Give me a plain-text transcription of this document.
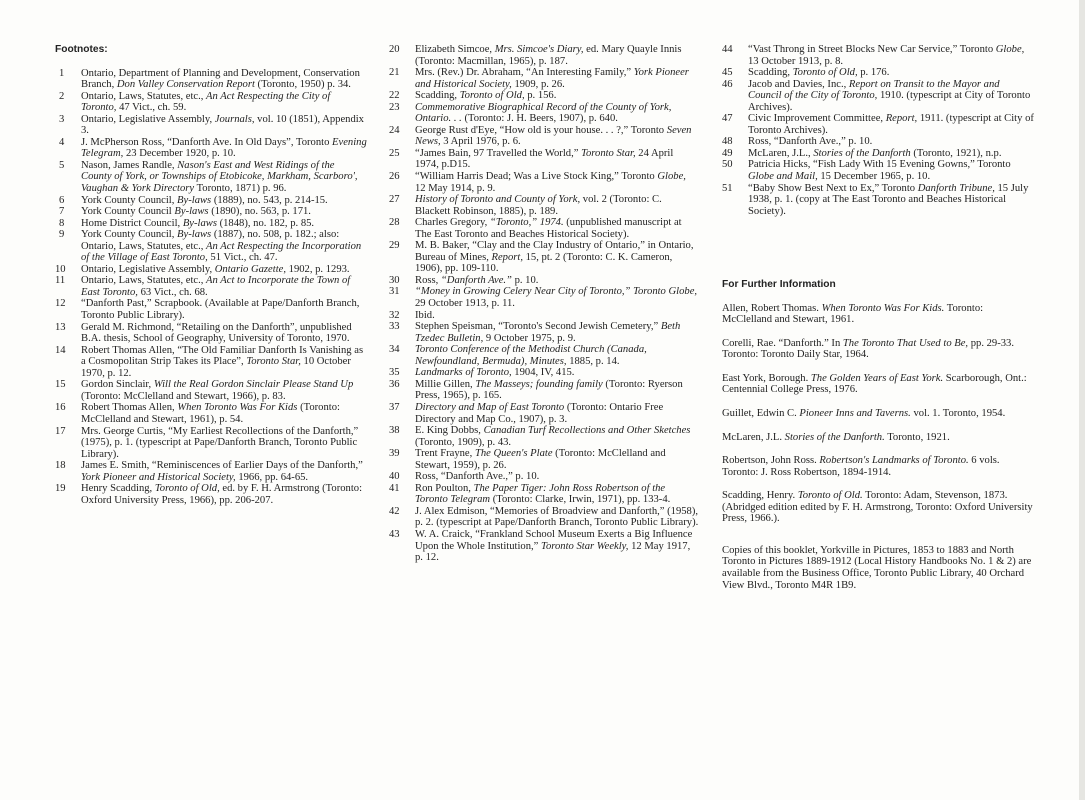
Footnotes:
1	Ontario, Department of Planning and Development, Conservation Branch, Don Valley Conservation Report (Toronto, 1950) p. 34.
2	Ontario, Laws, Statutes, etc., An Act Respecting the City of Toronto, 47 Vict., ch. 59.
3	Ontario, Legislative Assembly, Journals, vol. 10 (1851), Appendix 3.
4	J. McPherson Ross, “Danforth Ave. In Old Days”, Toronto Evening Telegram, 23 December 1920, p. 10.
5	Nason, James Randle, Nason's East and West Ridings of the County of York, or Townships of Etobicoke, Markham, Scarboro', Vaughan & York Directory Toronto, 1871) p. 96.
6	York County Council, By-laws (1889), no. 543, p. 214-15.
7	York County Council By-laws (1890), no. 563, p. 171.
8	Home District Council, By-laws (1848), no. 182, p. 85.
9	York County Council, By-laws (1887), no. 508, p. 182.; also: Ontario, Laws, Statutes, etc., An Act Respecting the Incorporation of the Village of East Toronto, 51 Vict., ch. 47.
10	Ontario, Legislative Assembly, Ontario Gazette, 1902, p. 1293.
11	Ontario, Laws, Statutes, etc., An Act to Incorporate the Town of East Toronto, 63 Vict., ch. 68.
12	“Danforth Past,” Scrapbook. (Available at Pape/Danforth Branch, Toronto Public Library).
13	Gerald M. Richmond, “Retailing on the Danforth”, unpublished B.A. thesis, School of Geography, University of Toronto, 1970.
14	Robert Thomas Allen, “The Old Familiar Danforth Is Vanishing as a Cosmopolitan Strip Takes its Place”, Toronto Star, 10 October 1970, p. 12.
15	Gordon Sinclair, Will the Real Gordon Sinclair Please Stand Up (Toronto: McClelland and Stewart, 1966), p. 83.
16	Robert Thomas Allen, When Toronto Was For Kids (Toronto: McClelland and Stewart, 1961), p. 54.
17	Mrs. George Curtis, “My Earliest Recollections of the Danforth,” (1975), p. 1. (typescript at Pape/Danforth Branch, Toronto Public Library).
18	James E. Smith, “Reminiscences of Earlier Days of the Danforth,” York Pioneer and Historical Society, 1966, pp. 64-65.
19	Henry Scadding, Toronto of Old, ed. by F. H. Armstrong (Toronto: Oxford University Press, 1966), pp. 206-207.
20	Elizabeth Simcoe, Mrs. Simcoe's Diary, ed. Mary Quayle Innis (Toronto: Macmillan, 1965), p. 187.
21	Mrs. (Rev.) Dr. Abraham, “An Interesting Family,” York Pioneer and Historical Society, 1909, p. 26.
22	Scadding, Toronto of Old, p. 156.
23	Commemorative Biographical Record of the County of York, Ontario. . . (Toronto: J. H. Beers, 1907), p. 640.
24	George Rust d'Eye, “How old is your house. . . ?,” Toronto Seven News, 3 April 1976, p. 6.
25	“James Bain, 97 Travelled the World,” Toronto Star, 24 April 1974, p.D15.
26	“William Harris Dead; Was a Live Stock King,” Toronto Globe, 12 May 1914, p. 9.
27	History of Toronto and County of York, vol. 2 (Toronto: C. Blackett Robinson, 1885), p. 189.
28	Charles Gregory, “Toronto,” 1974. (unpublished manuscript at The East Toronto and Beaches Historical Society).
29	M. B. Baker, “Clay and the Clay Industry of Ontario,” in Ontario, Bureau of Mines, Report, 15, pt. 2 (Toronto: C. K. Cameron, 1906), pp. 109-110.
30	Ross, “Danforth Ave.” p. 10.
31	“Money in Growing Celery Near City of Toronto,” Toronto Globe, 29 October 1913, p. 11.
32	Ibid.
33	Stephen Speisman, “Toronto's Second Jewish Cemetery,” Beth Tzedec Bulletin, 9 October 1975, p. 9.
34	Toronto Conference of the Methodist Church (Canada, Newfoundland, Bermuda), Minutes, 1885, p. 14.
35	Landmarks of Toronto, 1904, IV, 415.
36	Millie Gillen, The Masseys; founding family (Toronto: Ryerson Press, 1965), p. 165.
37	Directory and Map of East Toronto (Toronto: Ontario Free Directory and Map Co., 1907), p. 3.
38	E. King Dobbs, Canadian Turf Recollections and Other Sketches (Toronto, 1909), p. 43.
39	Trent Frayne, The Queen's Plate (Toronto: McClelland and Stewart, 1959), p. 26.
40	Ross, “Danforth Ave.,” p. 10.
41	Ron Poulton, The Paper Tiger: John Ross Robertson of the Toronto Telegram (Toronto: Clarke, Irwin, 1971), pp. 133-4.
42	J. Alex Edmison, “Memories of Broadview and Danforth,” (1958), p. 2. (typescript at Pape/Danforth Branch, Toronto Public Library).
43	W. A. Craick, “Frankland School Museum Exerts a Big Influence Upon the Whole Institution,” Toronto Star Weekly, 12 May 1917, p. 12.
44	“Vast Throng in Street Blocks New Car Service,” Toronto Globe, 13 October 1913, p. 8.
45	Scadding, Toronto of Old, p. 176.
46	Jacob and Davies, Inc., Report on Transit to the Mayor and Council of the City of Toronto, 1910. (typescript at City of Toronto Archives).
47	Civic Improvement Committee, Report, 1911. (typescript at City of Toronto Archives).
48	Ross, “Danforth Ave.,” p. 10.
49	McLaren, J.L., Stories of the Danforth (Toronto, 1921), n.p.
50	Patricia Hicks, “Fish Lady With 15 Evening Gowns,” Toronto Globe and Mail, 15 December 1965, p. 10.
51	“Baby Show Best Next to Ex,” Toronto Danforth Tribune, 15 July 1938, p. 1. (copy at The East Toronto and Beaches Historical Society).
For Further Information
Allen, Robert Thomas. When Toronto Was For Kids. Toronto: McClelland and Stewart, 1961.
Corelli, Rae. “Danforth.” In The Toronto That Used to Be, pp. 29-33. Toronto: Toronto Daily Star, 1964.
East York, Borough. The Golden Years of East York. Scarborough, Ont.: Centennial College Press, 1976.
Guillet, Edwin C. Pioneer Inns and Taverns. vol. 1. Toronto, 1954.
McLaren, J.L. Stories of the Danforth. Toronto, 1921.
Robertson, John Ross. Robertson's Landmarks of Toronto. 6 vols. Toronto: J. Ross Robertson, 1894-1914.
Scadding, Henry. Toronto of Old. Toronto: Adam, Stevenson, 1873. (Abridged edition edited by F. H. Armstrong, Toronto: Oxford University Press, 1966.).
Copies of this booklet, Yorkville in Pictures, 1853 to 1883 and North Toronto in Pictures 1889-1912 (Local History Handbooks No. 1 & 2) are available from the Business Office, Toronto Public Library, 40 Orchard View Blvd., Toronto M4R 1B9.
